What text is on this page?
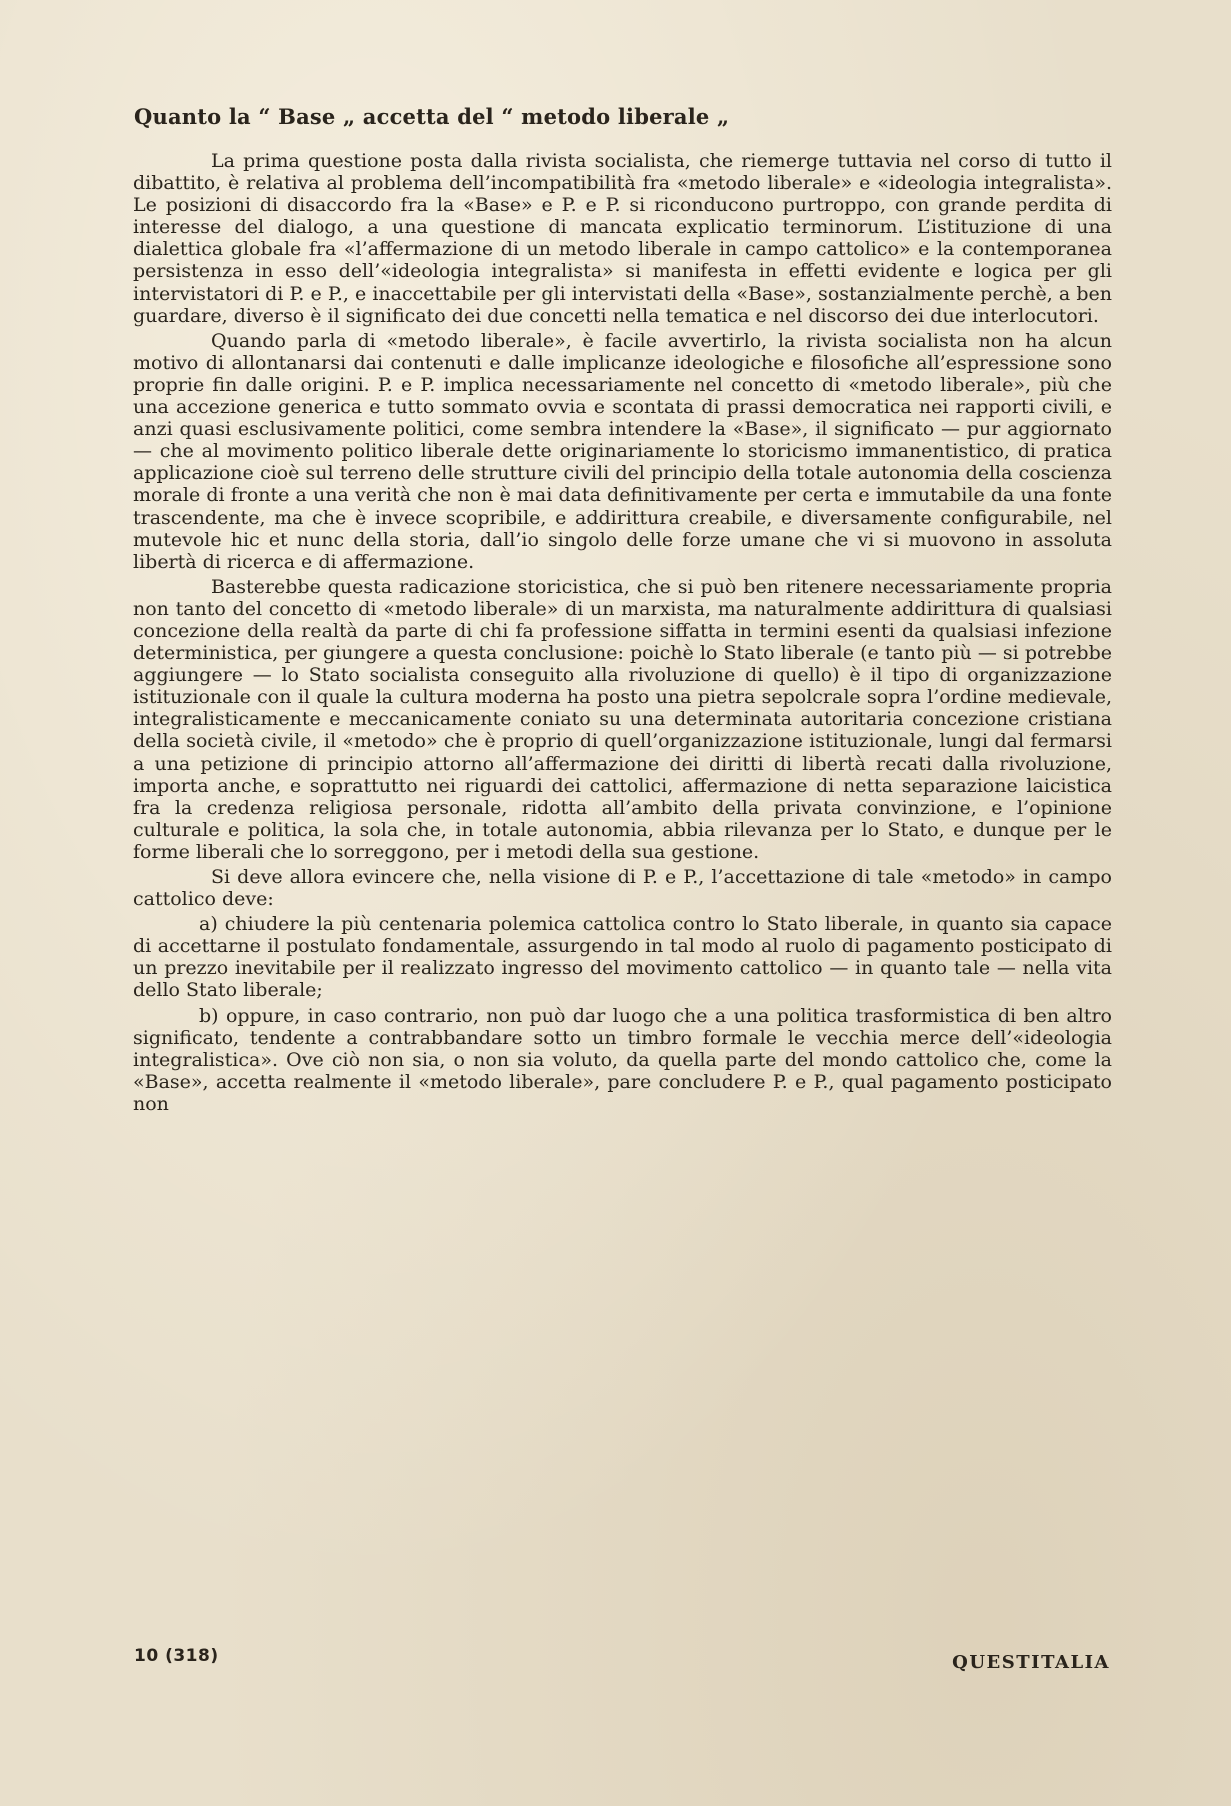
Quanto la “ Base „ accetta del “ metodo liberale „

La prima questione posta dalla rivista socialista, che riemerge tuttavia nel corso di tutto il dibattito, è relativa al problema dell’incompatibilità fra «metodo liberale» e «ideologia integralista». Le posizioni di disaccordo fra la «Base» e P. e P. si riconducono purtroppo, con grande perdita di interesse del dialogo, a una questione di mancata explicatio terminorum. L’istituzione di una dialettica globale fra «l’affermazione di un metodo liberale in campo cattolico» e la contemporanea persistenza in esso dell’«ideologia integralista» si manifesta in effetti evidente e logica per gli intervistatori di P. e P., e inaccettabile per gli intervistati della «Base», sostanzialmente perchè, a ben guardare, diverso è il significato dei due concetti nella tematica e nel discorso dei due interlocutori.

Quando parla di «metodo liberale», è facile avvertirlo, la rivista socialista non ha alcun motivo di allontanarsi dai contenuti e dalle implicanze ideologiche e filosofiche all’espressione sono proprie fin dalle origini. P. e P. implica necessariamente nel concetto di «metodo liberale», più che una accezione generica e tutto sommato ovvia e scontata di prassi democratica nei rapporti civili, e anzi quasi esclusivamente politici, come sembra intendere la «Base», il significato — pur aggiornato — che al movimento politico liberale dette originariamente lo storicismo immanentistico, di pratica applicazione cioè sul terreno delle strutture civili del principio della totale autonomia della coscienza morale di fronte a una verità che non è mai data definitivamente per certa e immutabile da una fonte trascendente, ma che è invece scopribile, e addirittura creabile, e diversamente configurabile, nel mutevole hic et nunc della storia, dall’io singolo delle forze umane che vi si muovono in assoluta libertà di ricerca e di affermazione.

Basterebbe questa radicazione storicistica, che si può ben ritenere necessariamente propria non tanto del concetto di «metodo liberale» di un marxista, ma naturalmente addirittura di qualsiasi concezione della realtà da parte di chi fa professione siffatta in termini esenti da qualsiasi infezione deterministica, per giungere a questa conclusione: poichè lo Stato liberale (e tanto più — si potrebbe aggiungere — lo Stato socialista conseguito alla rivoluzione di quello) è il tipo di organizzazione istituzionale con il quale la cultura moderna ha posto una pietra sepolcrale sopra l’ordine medievale, integralisticamente e meccanicamente coniato su una determinata autoritaria concezione cristiana della società civile, il «metodo» che è proprio di quell’organizzazione istituzionale, lungi dal fermarsi a una petizione di principio attorno all’affermazione dei diritti di libertà recati dalla rivoluzione, importa anche, e soprattutto nei riguardi dei cattolici, affermazione di netta separazione laicistica fra la credenza religiosa personale, ridotta all’ambito della privata convinzione, e l’opinione culturale e politica, la sola che, in totale autonomia, abbia rilevanza per lo Stato, e dunque per le forme liberali che lo sorreggono, per i metodi della sua gestione.

Si deve allora evincere che, nella visione di P. e P., l’accettazione di tale «metodo» in campo cattolico deve:

a) chiudere la più centenaria polemica cattolica contro lo Stato liberale, in quanto sia capace di accettarne il postulato fondamentale, assurgendo in tal modo al ruolo di pagamento posticipato di un prezzo inevitabile per il realizzato ingresso del movimento cattolico — in quanto tale — nella vita dello Stato liberale;

b) oppure, in caso contrario, non può dar luogo che a una politica trasformistica di ben altro significato, tendente a contrabbandare sotto un timbro formale le vecchia merce dell’«ideologia integralistica». Ove ciò non sia, o non sia voluto, da quella parte del mondo cattolico che, come la «Base», accetta realmente il «metodo liberale», pare concludere P. e P., qual pagamento posticipato non

10 (318)	QUESTITALIA
